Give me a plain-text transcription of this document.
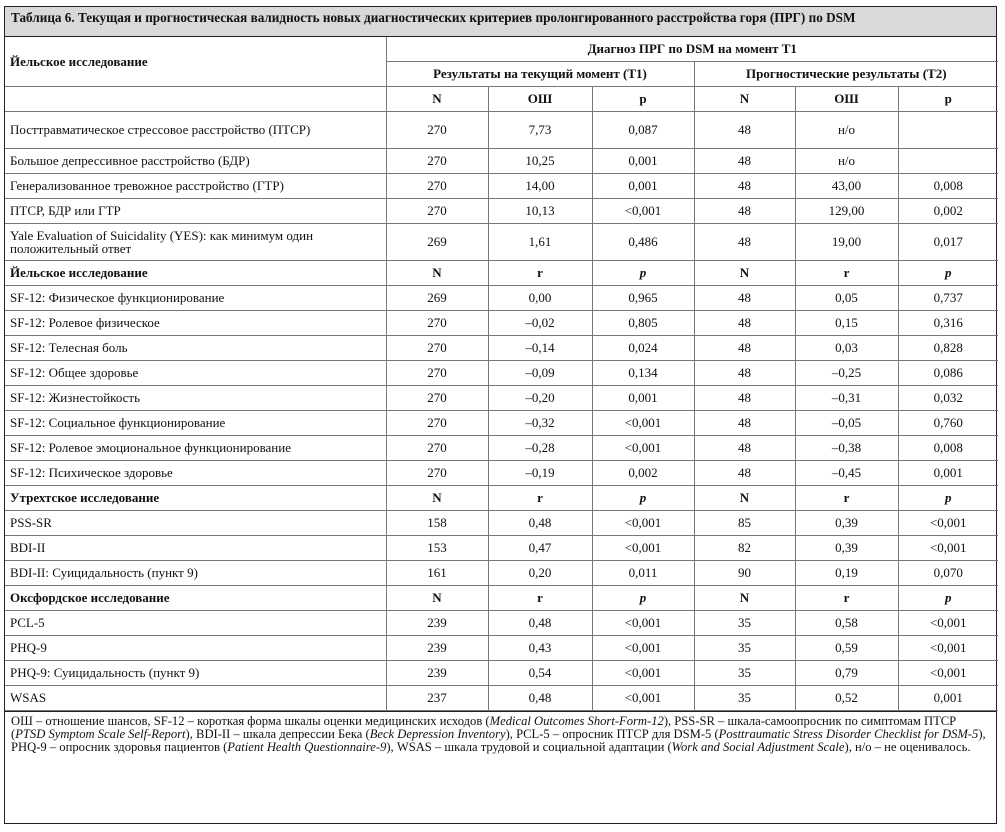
Таблица 6. Текущая и прогностическая валидность новых диагностических критериев пролонгированного расстройства горя (ПРГ) по DSM
Йельское исследование	Диагноз ПРГ по DSM на момент T1					
	Результаты на текущий момент (T1)			Прогностические результаты (T2)		
	N	ОШ	p	N	ОШ	p
Посттравматическое стрессовое расстройство (ПТСР)	270	7,73	0,087	48	н/о	
Большое депрессивное расстройство (БДР)	270	10,25	0,001	48	н/о	
Генерализованное тревожное расстройство (ГТР)	270	14,00	0,001	48	43,00	0,008
ПТСР, БДР или ГТР	270	10,13	<0,001	48	129,00	0,002
Yale Evaluation of Suicidality (YES): как минимум один положительный ответ	269	1,61	0,486	48	19,00	0,017
Йельское исследование	N	r	p	N	r	p
SF-12: Физическое функционирование	269	0,00	0,965	48	0,05	0,737
SF-12: Ролевое физическое	270	–0,02	0,805	48	0,15	0,316
SF-12: Телесная боль	270	–0,14	0,024	48	0,03	0,828
SF-12: Общее здоровье	270	–0,09	0,134	48	–0,25	0,086
SF-12: Жизнестойкость	270	–0,20	0,001	48	–0,31	0,032
SF-12: Социальное функционирование	270	–0,32	<0,001	48	–0,05	0,760
SF-12: Ролевое эмоциональное функционирование	270	–0,28	<0,001	48	–0,38	0,008
SF-12: Психическое здоровье	270	–0,19	0,002	48	–0,45	0,001
Утрехтское исследование	N	r	p	N	r	p
PSS-SR	158	0,48	<0,001	85	0,39	<0,001
BDI-II	153	0,47	<0,001	82	0,39	<0,001
BDI-II: Суицидальность (пункт 9)	161	0,20	0,011	90	0,19	0,070
Оксфордское исследование	N	r	p	N	r	p
PCL-5	239	0,48	<0,001	35	0,58	<0,001
PHQ-9	239	0,43	<0,001	35	0,59	<0,001
PHQ-9: Суицидальность (пункт 9)	239	0,54	<0,001	35	0,79	<0,001
WSAS	237	0,48	<0,001	35	0,52	0,001
ОШ – отношение шансов, SF-12 – короткая форма шкалы оценки медицинских исходов (Medical Outcomes Short-Form-12), PSS-SR – шкала-самоопросник по симптомам ПТСР (PTSD Symptom Scale Self-Report), BDI-II – шкала депрессии Бека (Beck Depression Inventory), PCL-5 – опросник ПТСР для DSM-5 (Posttraumatic Stress Disorder Checklist for DSM-5), PHQ-9 – опросник здоровья пациентов (Patient Health Questionnaire-9), WSAS – шкала трудовой и социальной адаптации (Work and Social Adjustment Scale), н/о – не оценивалось.
